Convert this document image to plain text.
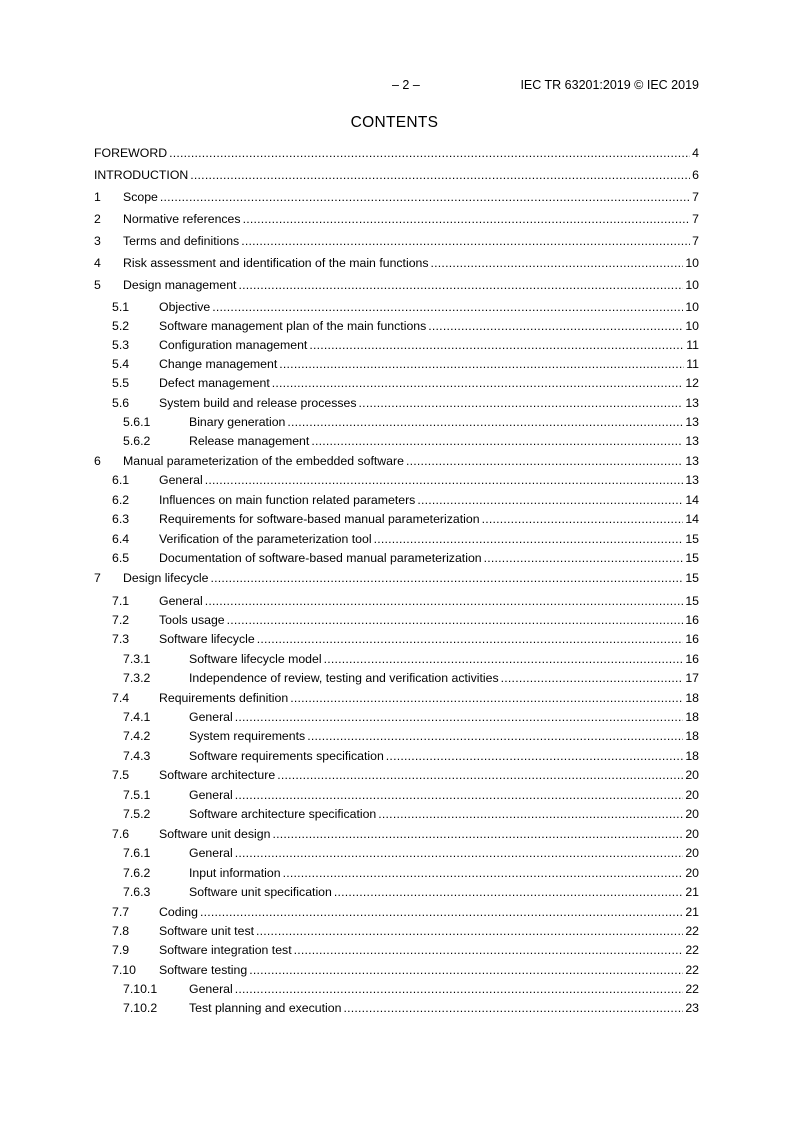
– 2 –	IEC TR 63201:2019 © IEC 2019
CONTENTS
FOREWORD . . .	4
INTRODUCTION . . .	6
1 Scope . . .	7
2 Normative references . . .	7
3 Terms and definitions . . .	7
4 Risk assessment and identification of the main functions . . .	10
5 Design management . . .	10
5.1 Objective . . .	10
5.2 Software management plan of the main functions . . .	10
5.3 Configuration management . . .	11
5.4 Change management . . .	11
5.5 Defect management . . .	12
5.6 System build and release processes . . .	13
5.6.1	Binary generation . . .	13
5.6.2	Release management . . .	13
6 Manual parameterization of the embedded software . . .	13
6.1 General . . .	13
6.2 Influences on main function related parameters . . .	14
6.3 Requirements for software-based manual parameterization . . .	14
6.4 Verification of the parameterization tool . . .	15
6.5 Documentation of software-based manual parameterization . . .	15
7 Design lifecycle . . .	15
7.1 General . . .	15
7.2 Tools usage . . .	16
7.3 Software lifecycle . . .	16
7.3.1	Software lifecycle model . . .	16
7.3.2	Independence of review, testing and verification activities . . .	17
7.4 Requirements definition . . .	18
7.4.1	General . . .	18
7.4.2	System requirements . . .	18
7.4.3	Software requirements specification . . .	18
7.5 Software architecture . . .	20
7.5.1	General . . .	20
7.5.2	Software architecture specification . . .	20
7.6 Software unit design . . .	20
7.6.1	General . . .	20
7.6.2	Input information . . .	20
7.6.3	Software unit specification . . .	21
7.7 Coding . . .	21
7.8 Software unit test . . .	22
7.9 Software integration test . . .	22
7.10 Software testing . . .	22
7.10.1	General . . .	22
7.10.2	Test planning and execution . . .	23
